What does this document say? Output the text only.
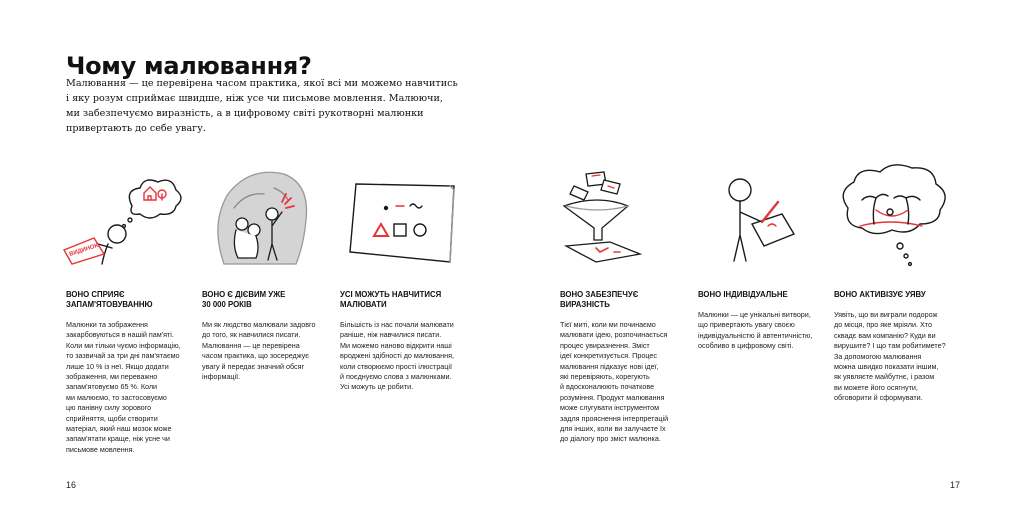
Чому малювання?

Малювання — це перевірена часом практика, якої всі ми можемо навчитись
і яку розум сприймає швидше, ніж усе чи письмове мовлення. Малюючи,
ми забезпечуємо виразність, а в цифровому світі рукотворні малюнки
привертають до себе увагу.

ВИДИНОК
ВОНО СПРИЯЄ
ЗАПАМ'ЯТОВУВАННЮ

Малюнки та зображення
закарбовуються в нашій пам'яті.
Коли ми тільки чуємо інформацію,
то зазвичай за три дні пам'ятаємо
лише 10 % із неї. Якщо додати
зображення, ми переважно
запам'ятовуємо 65 %. Коли
ми малюємо, то застосовуємо
цю панівну силу зорового
сприйняття, щоби створити
матеріал, який наш мозок може
запам'ятати краще, ніж усне чи
письмове мовлення.

ВОНО Є ДІЄВИМ УЖЕ
30 000 РОКІВ

Ми як людство малювали задовго
до того, як навчилися писати.
Малювання — це перевірена
часом практика, що зосереджує
увагу й передає значний обсяг
інформації.

УСІ МОЖУТЬ НАВЧИТИСЯ
МАЛЮВАТИ

Більшість із нас почали малювати
раніше, ніж навчилися писати.
Ми можемо наново відкрити наші
вроджені здібності до малювання,
коли створюємо прості ілюстрації
й поєднуємо слова з малюнками.
Усі можуть це робити.

ВОНО ЗАБЕЗПЕЧУЄ
ВИРАЗНІСТЬ

Тієї миті, коли ми починаємо
малювати ідею, розпочинається
процес увиразнення. Зміст
ідеї конкретизується. Процес
малювання підказує нові ідеї,
які перевіряють, корегують
й вдосконалюють початкове
розуміння. Продукт малювання
може слугувати інструментом
задля прояснення інтерпретацій
для інших, коли ви залучаєте їх
до діалогу про зміст малюнка.

ВОНО ІНДИВІДУАЛЬНЕ

Малюнки — це унікальні витвори,
що привертають увагу своєю
індивідуальністю й автентичністю,
особливо в цифровому світі.

ВОНО АКТИВІЗУЄ УЯВУ

Уявіть, що ви виграли подорож
до місця, про яке мріяли. Хто
сквадє вам компанію? Куди ви
вирушите? І що там робитимете?
За допомогою малювання
можна швидко показати іншим,
як уявляєте майбутнє, і разом
ви можете його осягнути,
обговорити й сформувати.

16	17
